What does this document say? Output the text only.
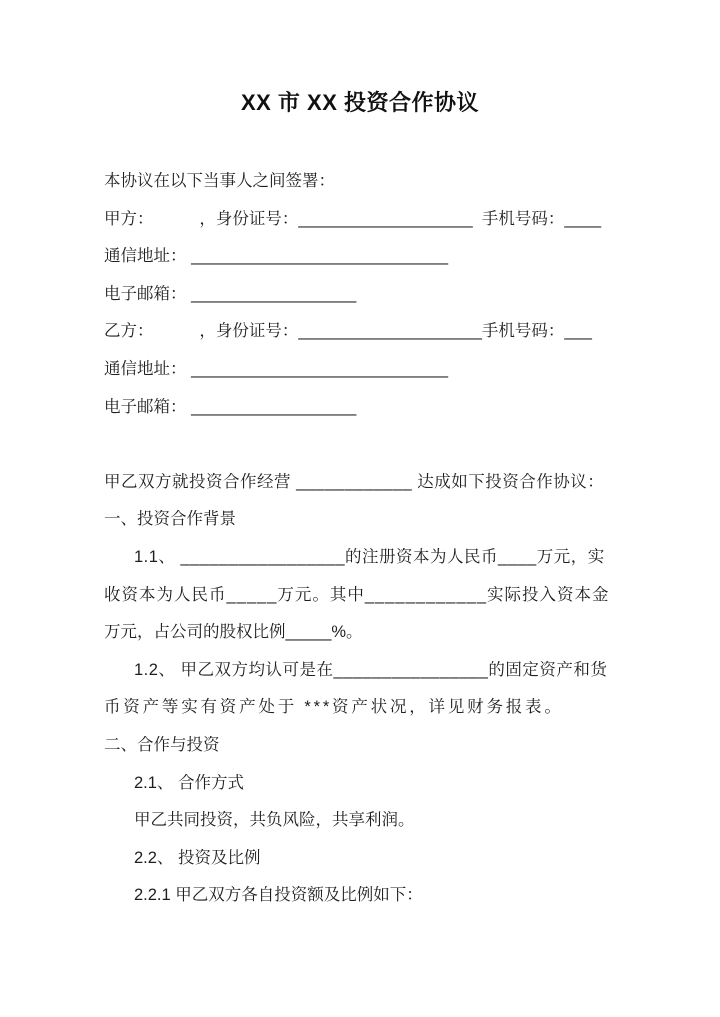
XX 市 XX 投资合作协议
本协议在以下当事人之间签署：
甲方：          ，身份证号：___________________  手机号码：____
通信地址： ____________________________
电子邮箱： __________________
乙方：          ，身份证号：____________________手机号码：___
通信地址： ____________________________
电子邮箱： __________________
甲乙双方就投资合作经营 ____________ 达成如下投资合作协议：
一、投资合作背景
1.1、 _________________的注册资本为人民币____万元，实
收资本为人民币_____万元。其中____________实际投入资本金
万元，占公司的股权比例_____%。
1.2、 甲乙双方均认可是在________________的固定资产和货
币资产等实有资产处于 ***资产状况，详见财务报表。
二、合作与投资
2.1、 合作方式
甲乙共同投资，共负风险，共享利润。
2.2、 投资及比例
2.2.1 甲乙双方各自投资额及比例如下：
